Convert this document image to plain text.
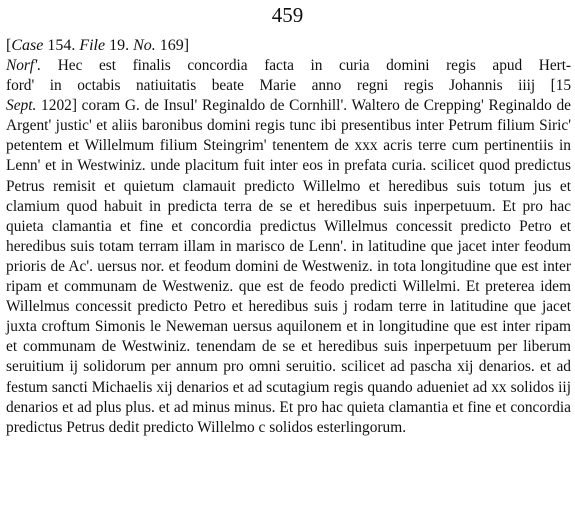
459
[Case 154. File 19. No. 169]
Norf'. Hec est finalis concordia facta in curia domini regis apud Hert-
ford' in octabis natiuitatis beate Marie anno regni regis Johannis iiij [15
Sept. 1202] coram G. de Insul' Reginaldo de Cornhill'. Waltero de Crepping' Reginaldo de Argent' justic' et aliis baronibus domini regis tunc ibi presentibus inter Petrum filium Siric' petentem et Willelmum filium Steingrim' tenentem de xxx acris terre cum pertinentiis in Lenn' et in Westwiniz. unde placitum fuit inter eos in prefata curia. scilicet quod predictus Petrus remisit et quietum clamauit predicto Willelmo et heredibus suis totum jus et clamium quod habuit in predicta terra de se et heredibus suis inperpetuum. Et pro hac quieta clamantia et fine et concordia predictus Willelmus concessit predicto Petro et heredibus suis totam terram illam in marisco de Lenn'. in latitudine que jacet inter feodum prioris de Ac'. uersus nor. et feodum domini de Westweniz. in tota longitudine que est inter ripam et communam de Westweniz. que est de feodo predicti Willelmi. Et preterea idem Willelmus concessit predicto Petro et heredibus suis j rodam terre in latitudine que jacet juxta croftum Simonis le Neweman uersus aquilonem et in longitudine que est inter ripam et communam de Westwiniz. tenendam de se et heredibus suis inperpetuum per liberum seruitium ij solidorum per annum pro omni seruitio. scilicet ad pascha xij denarios. et ad festum sancti Michaelis xij denarios et ad scutagium regis quando adueniet ad xx solidos iij denarios et ad plus plus. et ad minus minus. Et pro hac quieta clamantia et fine et concordia predictus Petrus dedit predicto Willelmo c solidos esterlingorum.
